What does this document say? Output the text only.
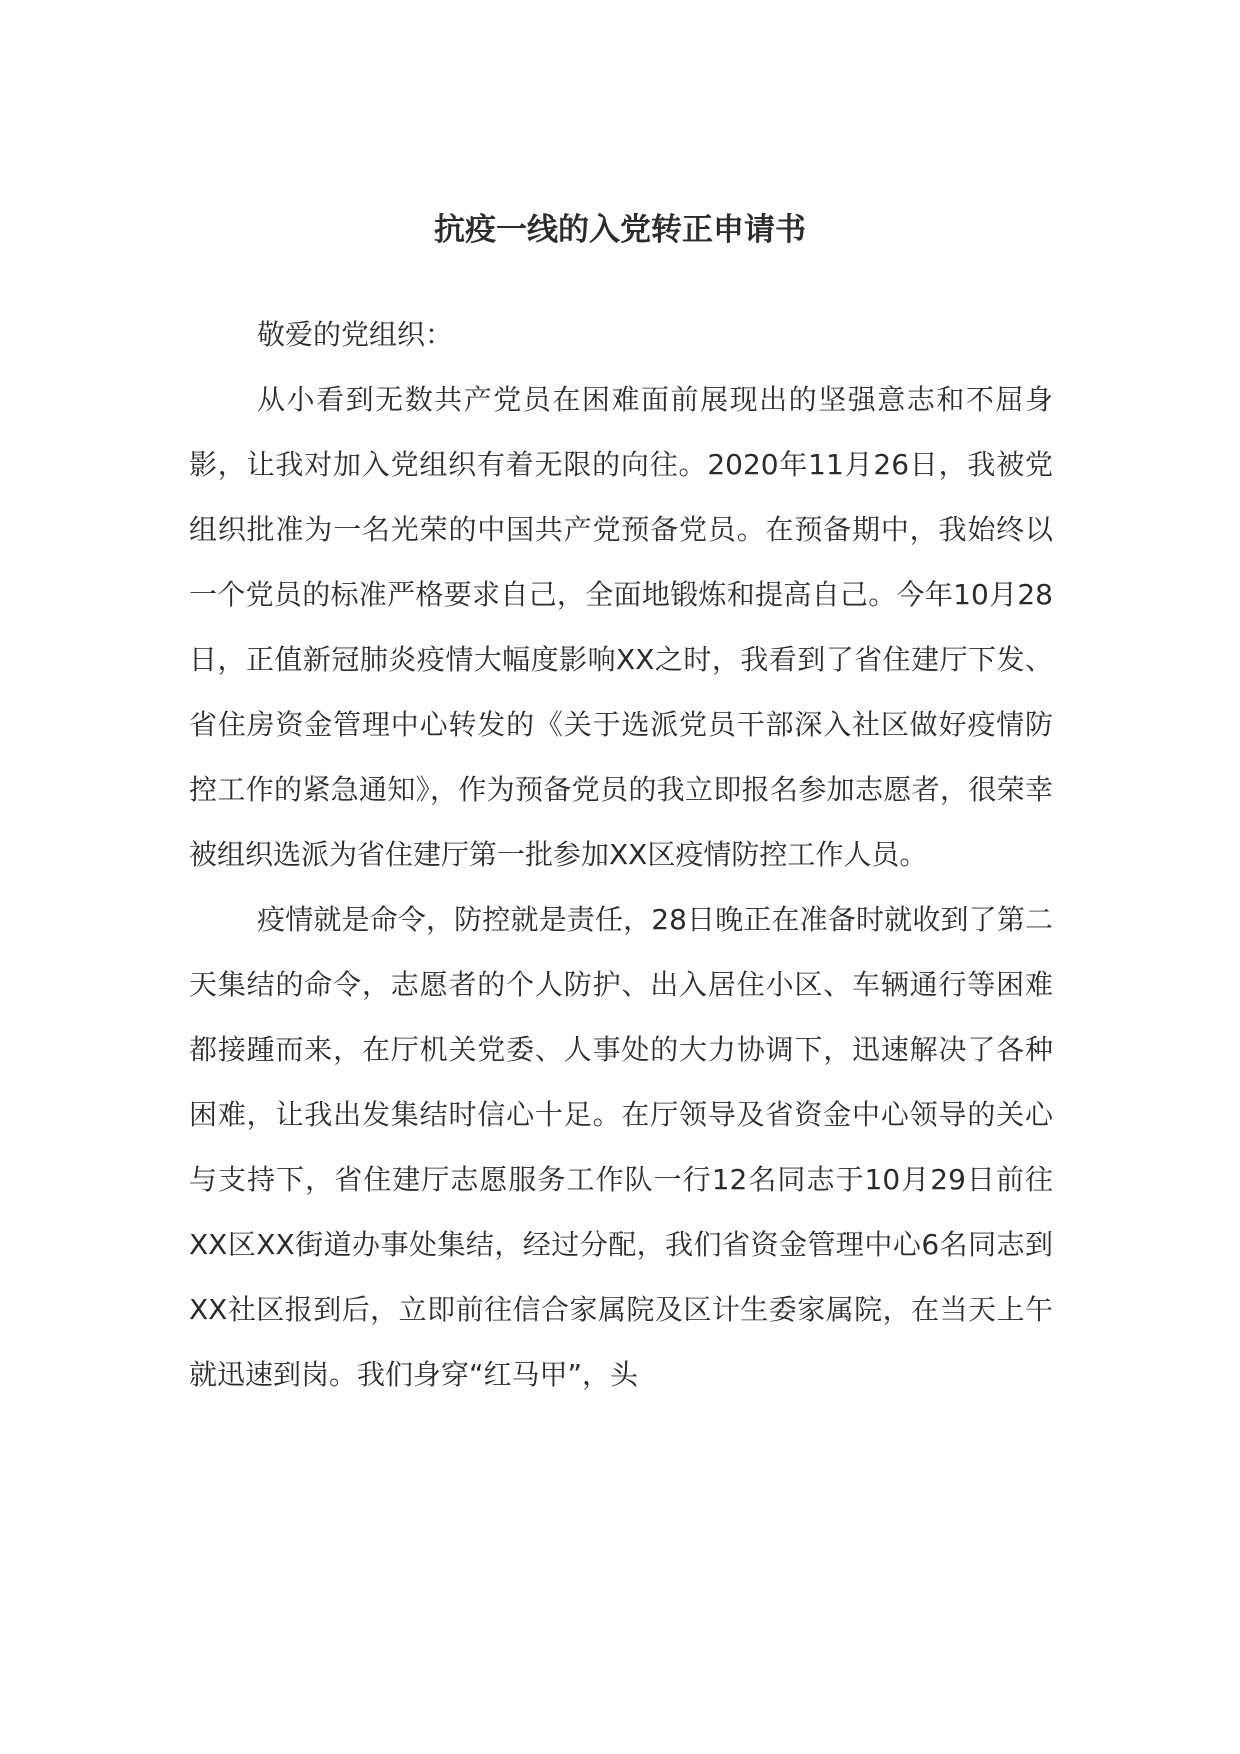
抗疫一线的入党转正申请书

敬爱的党组织：

从小看到无数共产党员在困难面前展现出的坚强意志和不屈身影，让我对加入党组织有着无限的向往。2020年11月26日，我被党组织批准为一名光荣的中国共产党预备党员。在预备期中，我始终以一个党员的标准严格要求自己，全面地锻炼和提高自己。今年10月28日，正值新冠肺炎疫情大幅度影响XX之时，我看到了省住建厅下发、省住房资金管理中心转发的《关于选派党员干部深入社区做好疫情防控工作的紧急通知》，作为预备党员的我立即报名参加志愿者，很荣幸被组织选派为省住建厅第一批参加XX区疫情防控工作人员。

疫情就是命令，防控就是责任，28日晚正在准备时就收到了第二天集结的命令，志愿者的个人防护、出入居住小区、车辆通行等困难都接踵而来，在厅机关党委、人事处的大力协调下，迅速解决了各种困难，让我出发集结时信心十足。在厅领导及省资金中心领导的关心与支持下，省住建厅志愿服务工作队一行12名同志于10月29日前往XX区XX街道办事处集结，经过分配，我们省资金管理中心6名同志到XX社区报到后，立即前往信合家属院及区计生委家属院，在当天上午就迅速到岗。我们身穿“红马甲”，头
